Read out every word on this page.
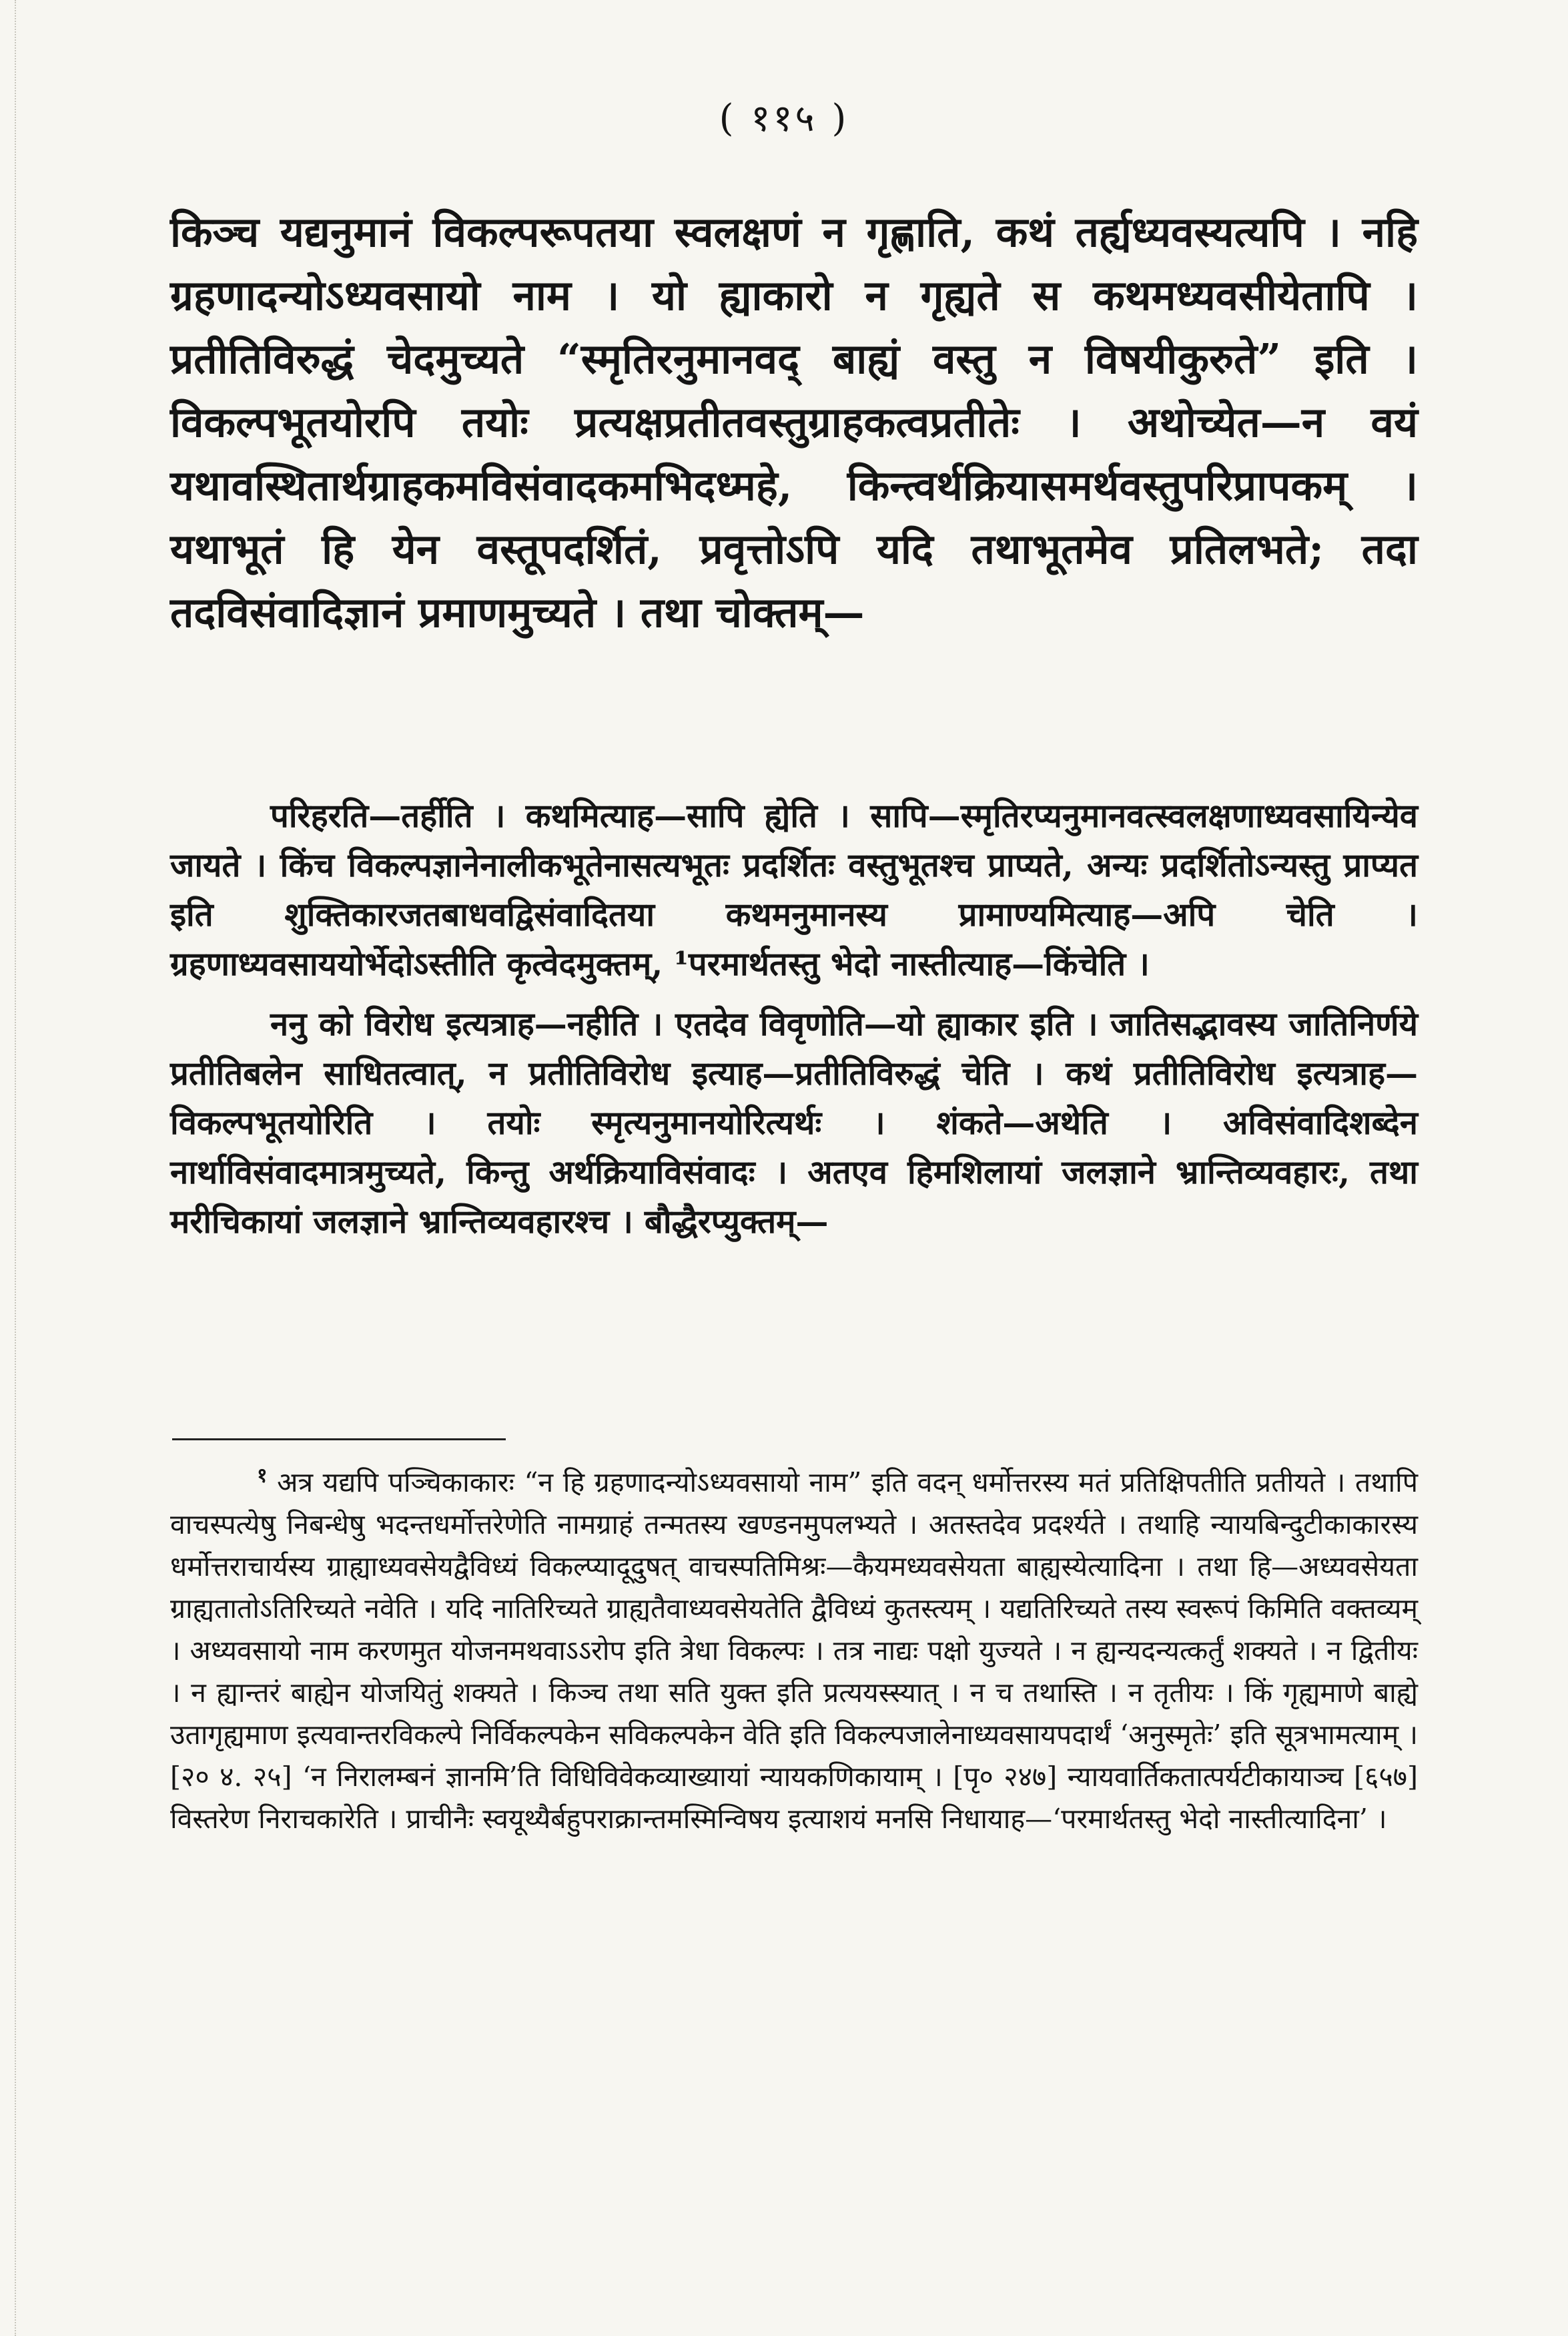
( ११५ )
किञ्च यद्यनुमानं विकल्परूपतया स्वलक्षणं न गृह्णाति, कथं तर्ह्यध्यवस्यत्यपि । नहि ग्रहणादन्योऽध्यवसायो नाम । यो ह्याकारो न गृह्यते स कथमध्यवसीयेतापि । प्रतीतिविरुद्धं चेदमुच्यते “स्मृतिरनुमानवद् बाह्यं वस्तु न विषयीकुरुते” इति । विकल्पभूतयोरपि तयोः प्रत्यक्षप्रतीतवस्तुग्राहकत्वप्रतीतेः । अथोच्येत—न वयं यथावस्थितार्थग्राहकमविसंवादकमभिदध्महे, किन्त्वर्थक्रियासमर्थवस्तुपरिप्रापकम् । यथाभूतं हि येन वस्तूपदर्शितं, प्रवृत्तोऽपि यदि तथाभूतमेव प्रतिलभते; तदा तदविसंवादिज्ञानं प्रमाणमुच्यते । तथा चोक्तम्—

परिहरति—तर्हीति । कथमित्याह—सापि ह्येति । सापि—स्मृतिरप्यनुमानवत्स्वलक्षणाध्यवसायिन्येव जायते । किंच विकल्पज्ञानेनालीकभूतेनासत्यभूतः प्रदर्शितः वस्तुभूतश्च प्राप्यते, अन्यः प्रदर्शितोऽन्यस्तु प्राप्यत इति शुक्तिकारजतबाधवद्विसंवादितया कथमनुमानस्य प्रामाण्यमित्याह—अपि चेति । ग्रहणाध्यवसाययोर्भेदोऽस्तीति कृत्वेदमुक्तम्, ¹परमार्थतस्तु भेदो नास्तीत्याह—किंचेति ।

ननु को विरोध इत्यत्राह—नहीति । एतदेव विवृणोति—यो ह्याकार इति । जातिसद्भावस्य जातिनिर्णये प्रतीतिबलेन साधितत्वात्, न प्रतीतिविरोध इत्याह—प्रतीतिविरुद्धं चेति । कथं प्रतीतिविरोध इत्यत्राह—विकल्पभूतयोरिति । तयोः स्मृत्यनुमानयोरित्यर्थः । शंकते—अथेति । अविसंवादिशब्देन नार्थाविसंवादमात्रमुच्यते, किन्तु अर्थक्रियाविसंवादः । अतएव हिमशिलायां जलज्ञाने भ्रान्तिव्यवहारः, तथा मरीचिकायां जलज्ञाने भ्रान्तिव्यवहारश्च । बौद्धैरप्युक्तम्—

$^१$ अत्र यद्यपि पञ्चिकाकारः “न हि ग्रहणादन्योऽध्यवसायो नाम” इति वदन् धर्मोत्तरस्य मतं प्रतिक्षिपतीति प्रतीयते । तथापि वाचस्पत्येषु निबन्धेषु भदन्तधर्मोत्तरेणेति नामग्राहं तन्मतस्य खण्डनमुपलभ्यते । अतस्तदेव प्रदर्श्यते । तथाहि न्यायबिन्दुटीकाकारस्य धर्मोत्तराचार्यस्य ग्राह्याध्यवसेयद्वैविध्यं विकल्प्यादूदुषत् वाचस्पतिमिश्रः—कैयमध्यवसेयता बाह्यस्येत्यादिना । तथा हि—अध्यवसेयता ग्राह्यतातोऽतिरिच्यते नवेति । यदि नातिरिच्यते ग्राह्यतैवाध्यवसेयतेति द्वैविध्यं कुतस्त्यम् । यद्यतिरिच्यते तस्य स्वरूपं किमिति वक्तव्यम् । अध्यवसायो नाम करणमुत योजनमथवाऽऽरोप इति त्रेधा विकल्पः । तत्र नाद्यः पक्षो युज्यते । न ह्यन्यदन्यत्कर्तुं शक्यते । न द्वितीयः । न ह्यान्तरं बाह्येन योजयितुं शक्यते । किञ्च तथा सति युक्त इति प्रत्ययस्स्यात् । न च तथास्ति । न तृतीयः । किं गृह्यमाणे बाह्ये उतागृह्यमाण इत्यवान्तरविकल्पे निर्विकल्पकेन सविकल्पकेन वेति इति विकल्पजालेनाध्यवसायपदार्थं ‘अनुस्मृतेः’ इति सूत्रभामत्याम् । [२० ४. २५] ‘न निरालम्बनं ज्ञानमि’ति विधिविवेकव्याख्यायां न्यायकणिकायाम् । [पृ० २४७] न्यायवार्तिकतात्पर्यटीकायाञ्च [६५७] विस्तरेण निराचकारेति । प्राचीनैः स्वयूथ्यैर्बहुपराक्रान्तमस्मिन्विषय इत्याशयं मनसि निधायाह—‘परमार्थतस्तु भेदो नास्तीत्यादिना’ ।
